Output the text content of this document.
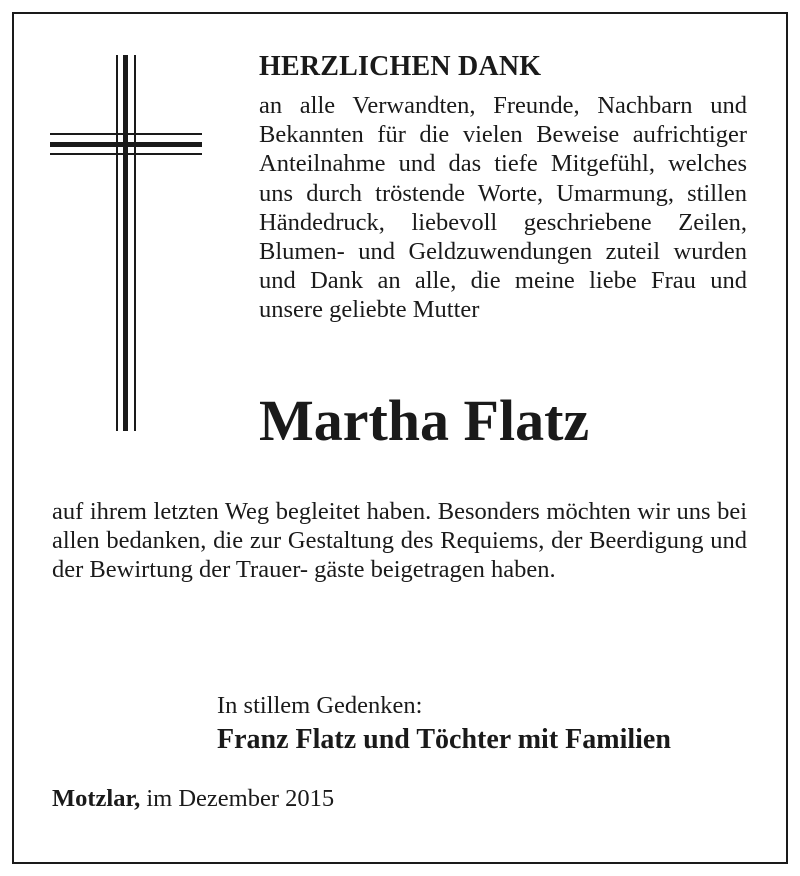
HERZLICHEN DANK

an alle Verwandten, Freunde, Nachbarn und Bekannten für die vielen Beweise aufrichtiger Anteilnahme und das tiefe Mitgefühl, welches uns durch tröstende Worte, Umarmung, stillen Händedruck, liebevoll geschriebene Zeilen, Blumen- und Geldzuwendungen zuteil wurden und Dank an alle, die meine liebe Frau und unsere geliebte Mutter

Martha Flatz

auf ihrem letzten Weg begleitet haben. Besonders möchten wir uns bei allen bedanken, die zur Gestaltung des Requiems, der Beerdigung und der Bewirtung der Trauer- gäste beigetragen haben.

In stillem Gedenken:
Franz Flatz und Töchter mit Familien
Motzlar, im Dezember 2015
